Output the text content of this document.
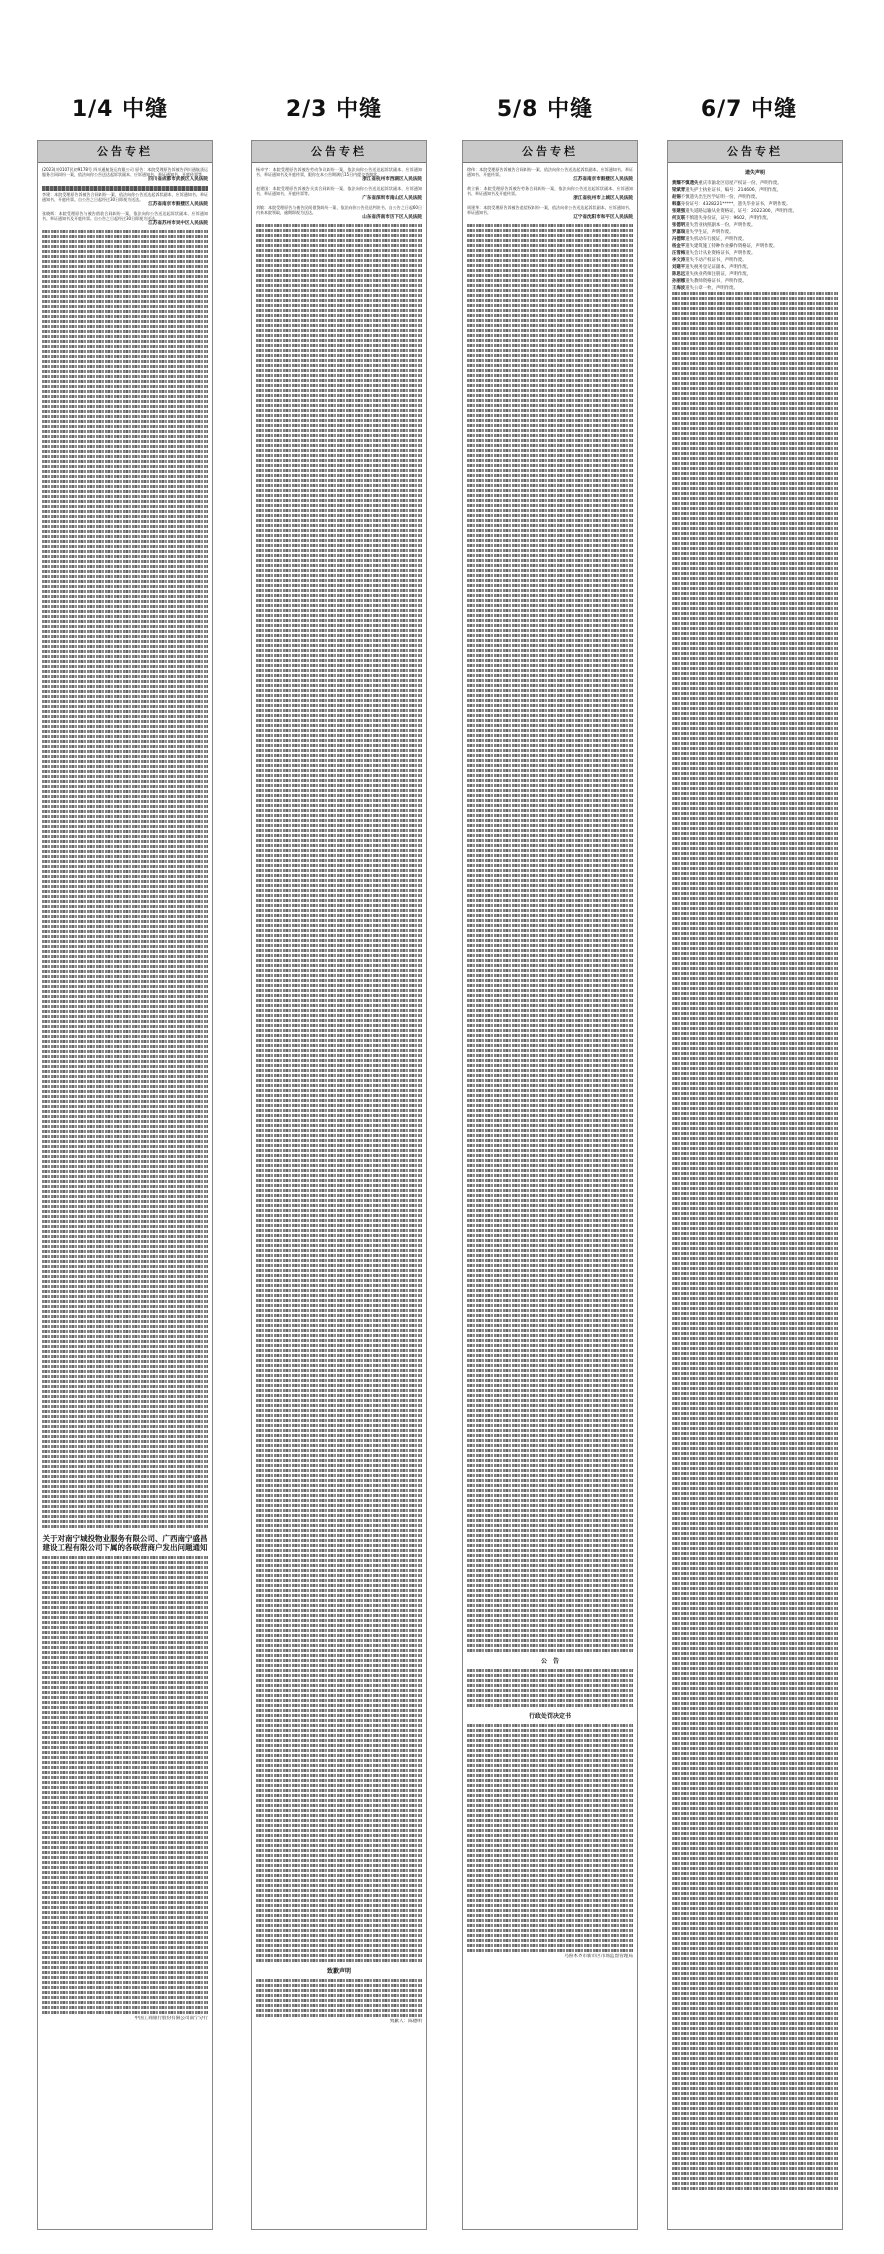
1/4 中缝	2/3 中缝	5/8 中缝	6/7 中缝
公告专栏
(2023)川0107民初9178号 四川通航货运有限公司 原告：本院受理原告诉被告四川通航货运服务合同纠纷一案，依法向你公告送达起诉状副本、应诉通知书、举证通知书、开庭传票等。
四川省成都市武侯区人民法院
李建：本院受理原告诉被告合同纠纷一案，依法向你公告送达起诉状副本、应诉通知书、举证通知书、开庭传票。自公告之日起经过30日即视为送达。
江苏省南京市鼓楼区人民法院
张晓辉：本院受理原告与被告借款合同纠纷一案，依法向你公告送达起诉状副本、应诉通知书、举证通知书及开庭传票。自公告之日起经过30日即视为送达。
江苏省苏州市吴中区人民法院
关于对南宁城投物业服务有限公司、广西南宁盛昌建设工程有限公司下属的各联营商户发出问题通知
中国工商银行股份有限公司南宁分行
公告专栏
杨卓宇：本院受理原告诉被告劳动争议纠纷一案，依法向你公告送达起诉状副本、应诉通知书、举证通知书及开庭传票，限你在本公告期满后15日内提交答辩状。
浙江省杭州市西湖区人民法院
赵建国：本院受理原告诉被告买卖合同纠纷一案，依法向你公告送达起诉状副本、应诉通知书、举证通知书、开庭传票等。
广东省深圳市南山区人民法院
刘敏：本院受理原告与被告民间借贷纠纷一案，依法向你公告送达判决书，自公告之日起60日内来本院领取，逾期即视为送达。
山东省济南市历下区人民法院
致歉声明
致歉人：陈德明
公告专栏
徐伟：本院受理原告诉被告合同纠纷一案，依法向你公告送达起诉状副本、应诉通知书、举证通知书、开庭传票。
江苏省南京市鼓楼区人民法院
黄立新：本院受理原告诉被告劳务合同纠纷一案，依法向你公告送达起诉状副本、应诉通知书、举证通知书及开庭传票。
浙江省杭州市上城区人民法院
周建华：本院受理原告诉被告追偿权纠纷一案，依法向你公告送达起诉状副本、应诉通知书、举证通知书。
辽宁省沈阳市和平区人民法院
公　告
行政处罚决定书
乌鲁木齐市新市区市场监督管理局
公告专栏
遗失声明
黄耀不慎遗失重庆市渝北区房屋产权证一份，声明作废。
梁斌青遗失护士执业证书，编号：214606，声明作废。
赵锡不慎遗失出生医学证明一份，声明作废。
韩嘉身份证号：4328221*****，遗失毕业证书，声明作废。
张建强遗失道路运输从业资格证，证号：2022300，声明作废。
何友联不慎遗失身份证，证号：9602，声明作废。
张德明遗失营业执照副本一份，声明作废。
罗嘉瑞遗失学生证，声明作废。
冯德辉遗失机动车行驶证，声明作废。
杨金平遗失建筑施工特种作业操作资格证，声明作废。
汪雪梅遗失会计从业资格证书，声明作废。
李文涛遗失不动产权证书，声明作废。
刘建平遗失税务登记证副本，声明作废。
陈思远遗失执业药师注册证，声明作废。
孙丽娜遗失教师资格证书，声明作废。
王海波遗失公章一枚，声明作废。
